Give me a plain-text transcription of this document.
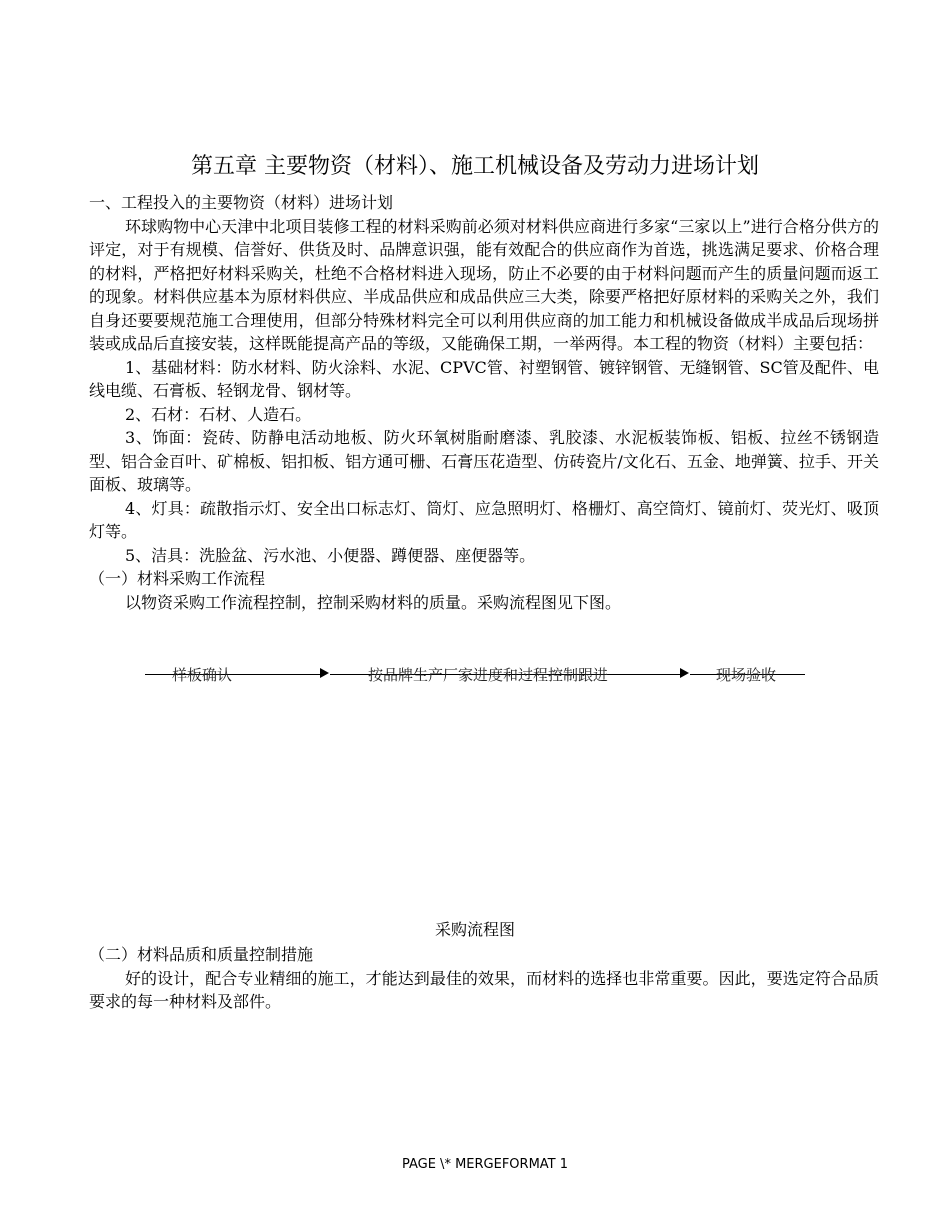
第五章 主要物资（材料）、施工机械设备及劳动力进场计划

一、工程投入的主要物资（材料）进场计划

环球购物中心天津中北项目装修工程的材料采购前必须对材料供应商进行多家“三家以上”进行合格分供方的评定，对于有规模、信誉好、供货及时、品牌意识强，能有效配合的供应商作为首选，挑选满足要求、价格合理的材料，严格把好材料采购关，杜绝不合格材料进入现场，防止不必要的由于材料问题而产生的质量问题而返工的现象。材料供应基本为原材料供应、半成品供应和成品供应三大类，除要严格把好原材料的采购关之外，我们自身还要要规范施工合理使用，但部分特殊材料完全可以利用供应商的加工能力和机械设备做成半成品后现场拼装或成品后直接安装，这样既能提高产品的等级，又能确保工期，一举两得。本工程的物资（材料）主要包括：

1、基础材料：防水材料、防火涂料、水泥、CPVC管、衬塑钢管、镀锌钢管、无缝钢管、SC管及配件、电线电缆、石膏板、轻钢龙骨、钢材等。

2、石材：石材、人造石。

3、饰面：瓷砖、防静电活动地板、防火环氧树脂耐磨漆、乳胶漆、水泥板装饰板、铝板、拉丝不锈钢造型、铝合金百叶、矿棉板、铝扣板、铝方通可栅、石膏压花造型、仿砖瓷片/文化石、五金、地弹簧、拉手、开关面板、玻璃等。

4、灯具：疏散指示灯、安全出口标志灯、筒灯、应急照明灯、格栅灯、高空筒灯、镜前灯、荧光灯、吸顶灯等。

5、洁具：洗脸盆、污水池、小便器、蹲便器、座便器等。

（一）材料采购工作流程

以物资采购工作流程控制，控制采购材料的质量。采购流程图见下图。

样板确认	按品牌生产厂家进度和过程控制跟进	现场验收
采购流程图

（二）材料品质和质量控制措施

好的设计，配合专业精细的施工，才能达到最佳的效果，而材料的选择也非常重要。因此，要选定符合品质要求的每一种材料及部件。

PAGE \* MERGEFORMAT 1
